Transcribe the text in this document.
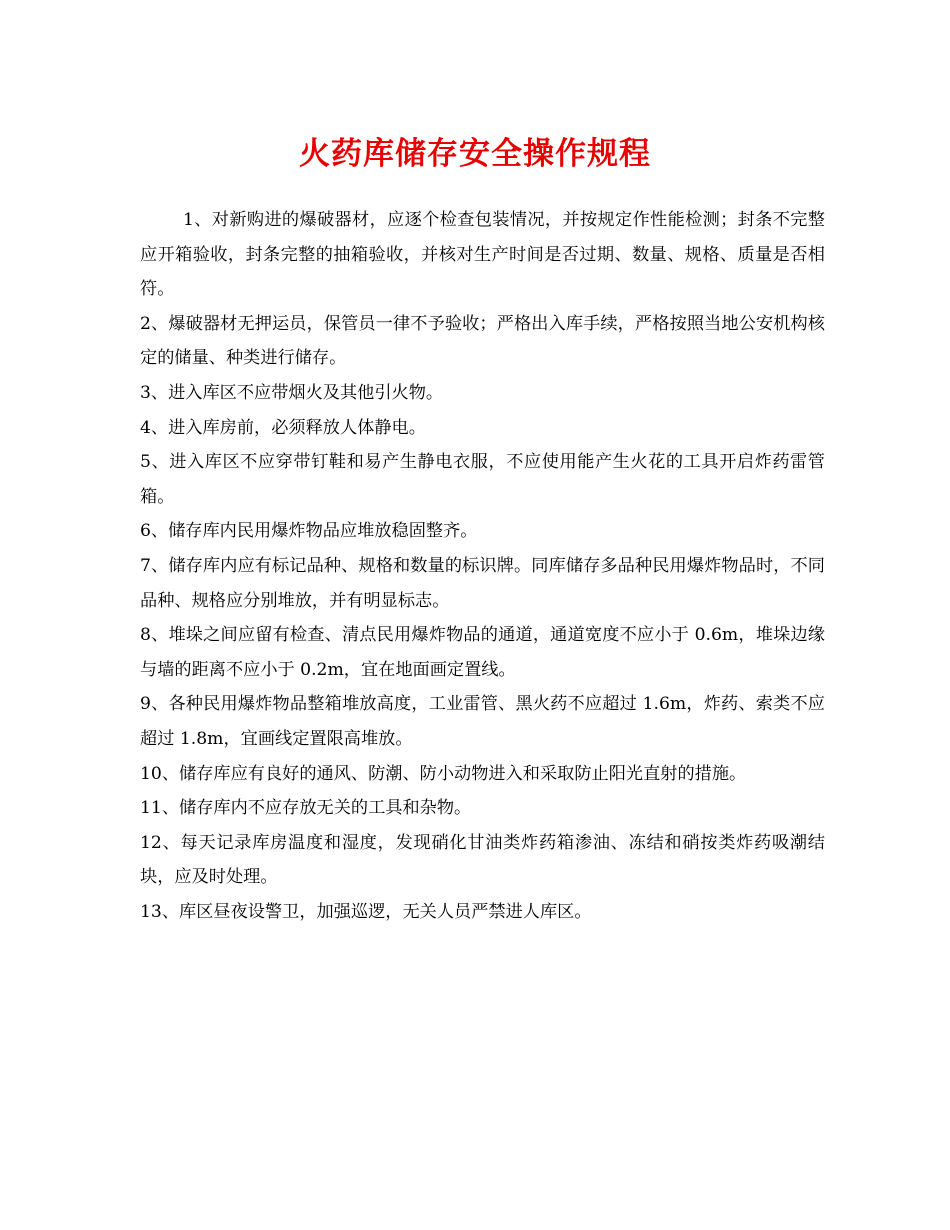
火药库储存安全操作规程

1、对新购进的爆破器材，应逐个检查包装情况，并按规定作性能检测；封条不完整应开箱验收，封条完整的抽箱验收，并核对生产时间是否过期、数量、规格、质量是否相符。

2、爆破器材无押运员，保管员一律不予验收；严格出入库手续，严格按照当地公安机构核定的储量、种类进行储存。

3、进入库区不应带烟火及其他引火物。

4、进入库房前，必须释放人体静电。

5、进入库区不应穿带钉鞋和易产生静电衣服，不应使用能产生火花的工具开启炸药雷管箱。

6、储存库内民用爆炸物品应堆放稳固整齐。

7、储存库内应有标记品种、规格和数量的标识牌。同库储存多品种民用爆炸物品时，不同品种、规格应分别堆放，并有明显标志。

8、堆垛之间应留有检查、清点民用爆炸物品的通道，通道宽度不应小于 0.6m，堆垛边缘与墙的距离不应小于 0.2m，宜在地面画定置线。

9、各种民用爆炸物品整箱堆放高度，工业雷管、黑火药不应超过 1.6m，炸药、索类不应超过 1.8m，宜画线定置限高堆放。

10、储存库应有良好的通风、防潮、防小动物进入和采取防止阳光直射的措施。

11、储存库内不应存放无关的工具和杂物。

12、每天记录库房温度和湿度，发现硝化甘油类炸药箱渗油、冻结和硝按类炸药吸潮结块，应及时处理。

13、库区昼夜设警卫，加强巡逻，无关人员严禁进人库区。
